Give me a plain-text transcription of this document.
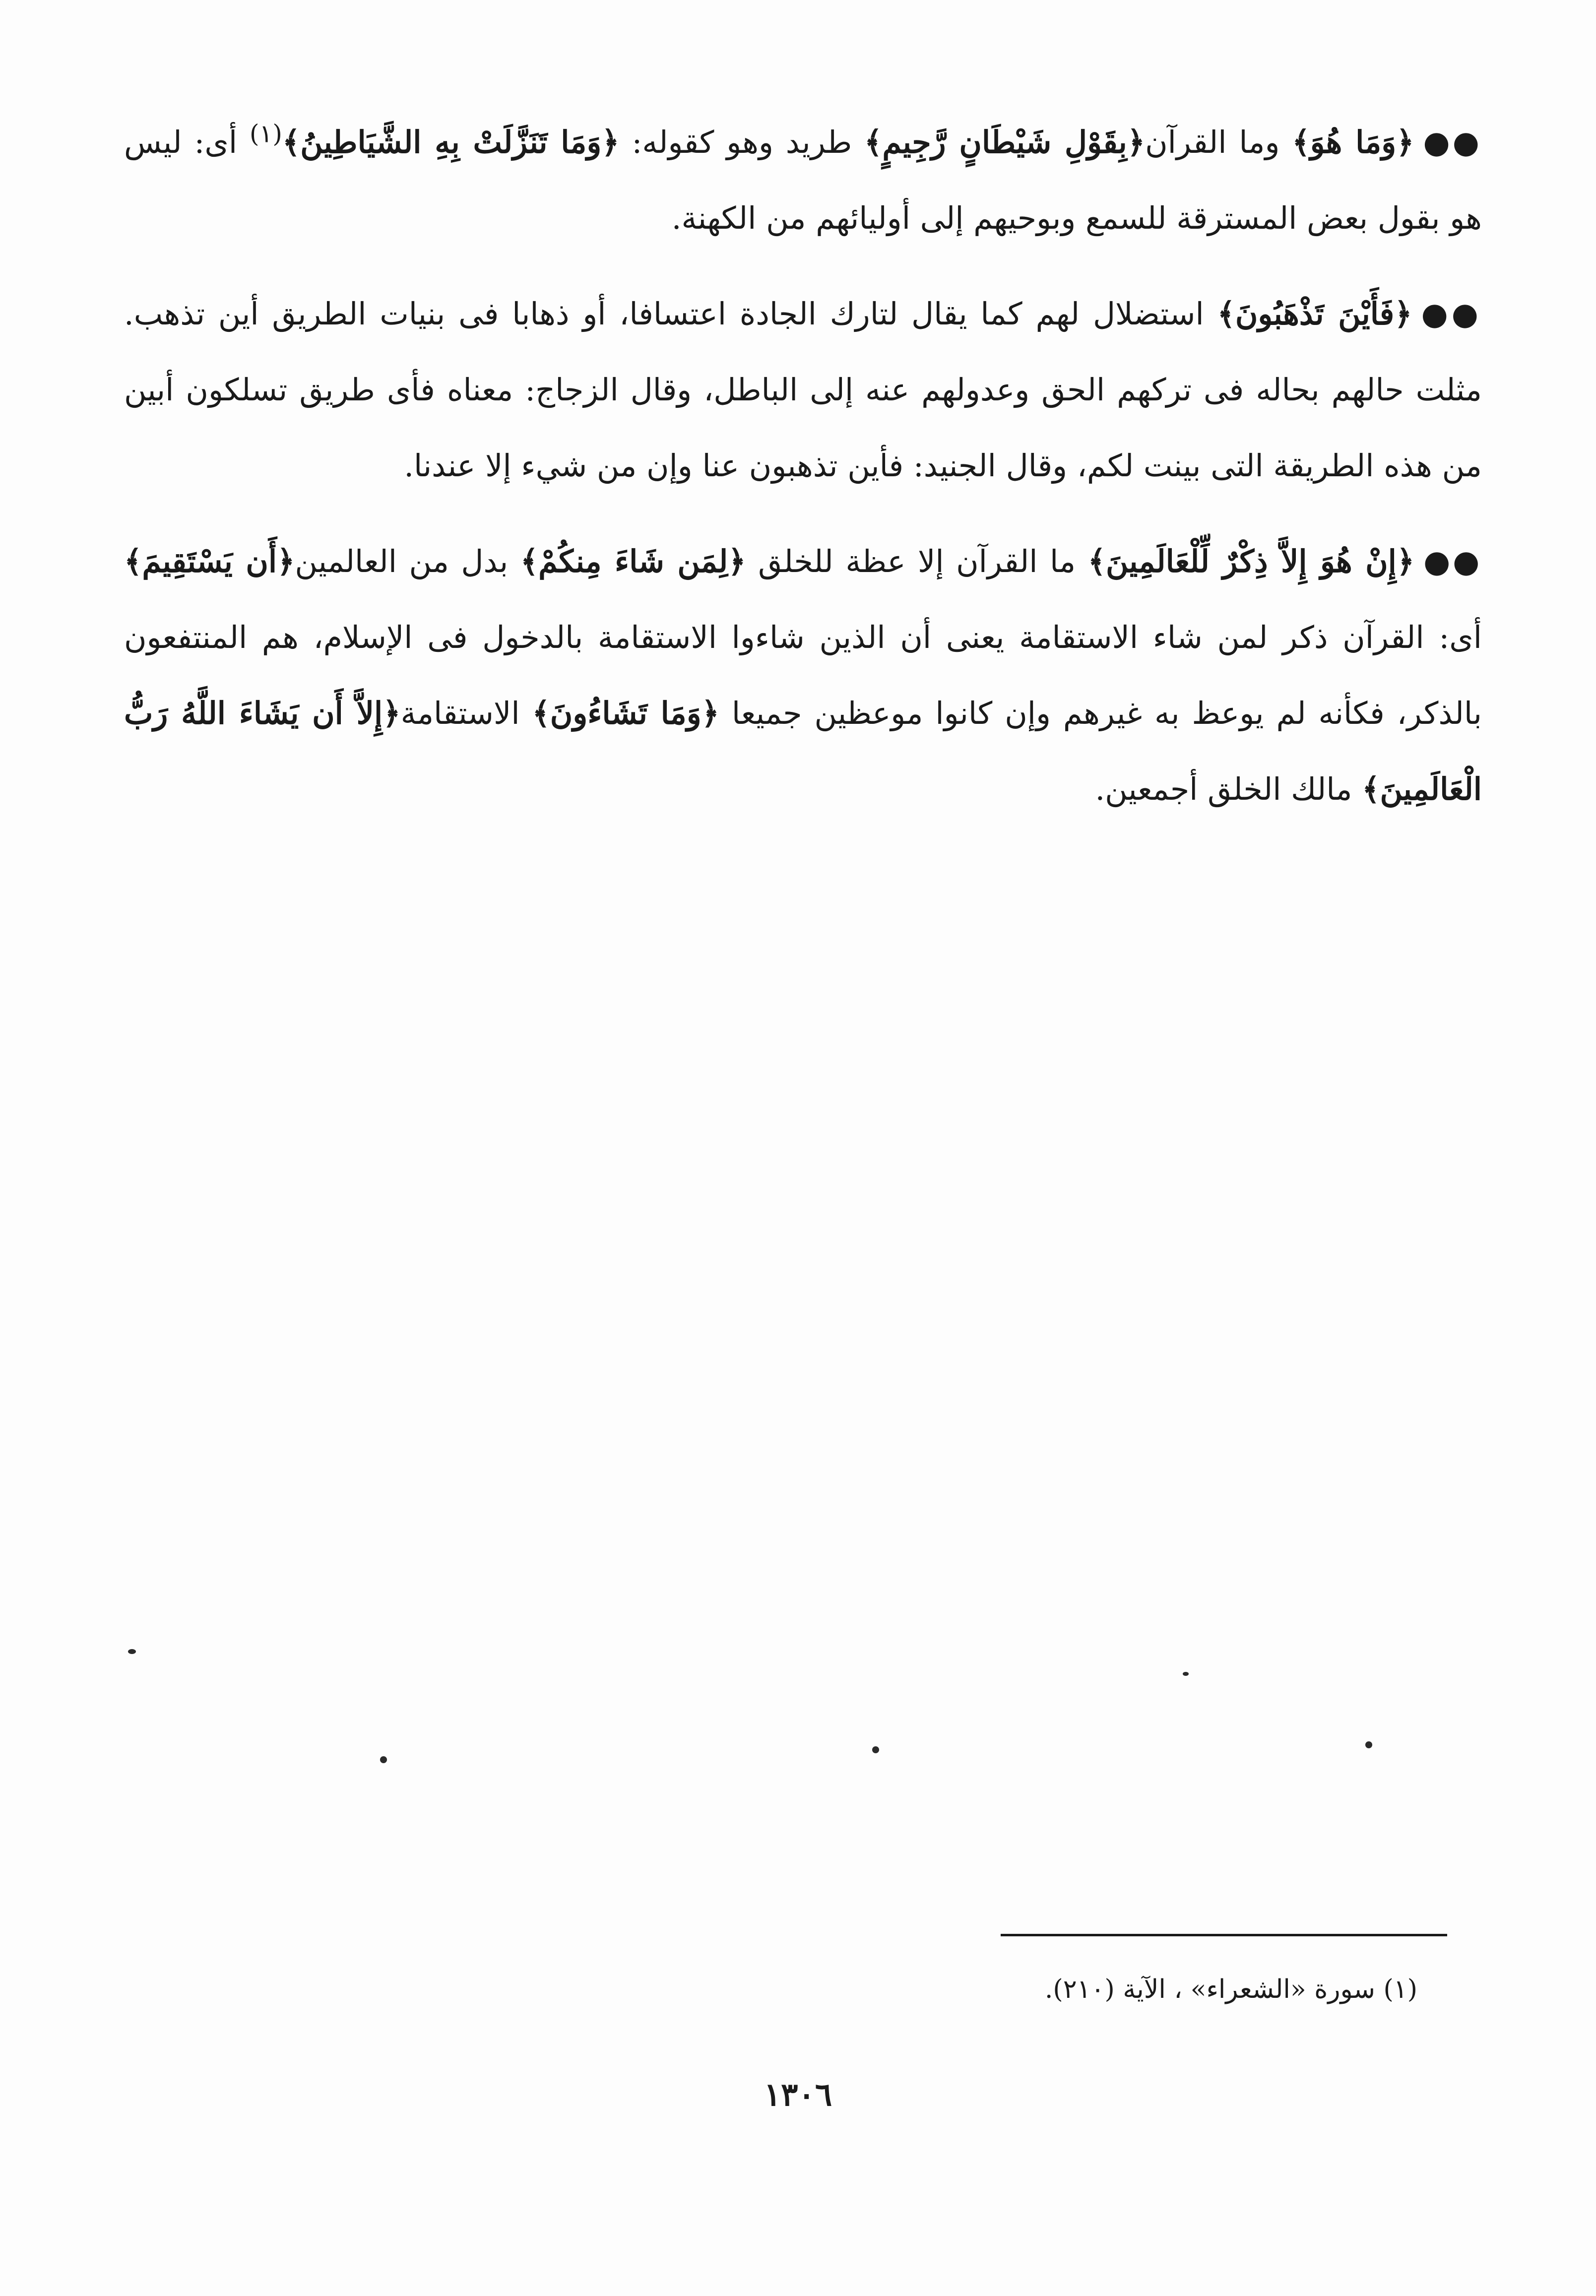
●●﴿وَمَا هُوَ﴾ وما القرآن﴿بِقَوْلِ شَيْطَانٍ رَّجِيمٍ﴾ طريد وهو كقوله: ﴿وَمَا تَنَزَّلَتْ بِهِ الشَّيَاطِينُ﴾$^{(١)}$ أى: ليس هو بقول بعض المسترقة للسمع وبوحيهم إلى أوليائهم من الكهنة.

●●﴿فَأَيْنَ تَذْهَبُونَ﴾ استضلال لهم كما يقال لتارك الجادة اعتسافا، أو ذهابا فى بنيات الطريق أين تذهب. مثلت حالهم بحاله فى تركهم الحق وعدولهم عنه إلى الباطل، وقال الزجاج: معناه فأى طريق تسلكون أبين من هذه الطريقة التى بينت لكم، وقال الجنيد: فأين تذهبون عنا وإن من شيء إلا عندنا.

●●﴿إِنْ هُوَ إِلاَّ ذِكْرٌ لِّلْعَالَمِينَ﴾ ما القرآن إلا عظة للخلق ﴿لِمَن شَاءَ مِنكُمْ﴾ بدل من العالمين﴿أَن يَسْتَقِيمَ﴾ أى: القرآن ذكر لمن شاء الاستقامة يعنى أن الذين شاءوا الاستقامة بالدخول فى الإسلام، هم المنتفعون بالذكر، فكأنه لم يوعظ به غيرهم وإن كانوا موعظين جميعا ﴿وَمَا تَشَاءُونَ﴾ الاستقامة﴿إِلاَّ أَن يَشَاءَ اللَّهُ رَبُّ الْعَالَمِينَ﴾ مالك الخلق أجمعين.

(١) سورة «الشعراء» ، الآية (٢١٠).
١٣٠٦
